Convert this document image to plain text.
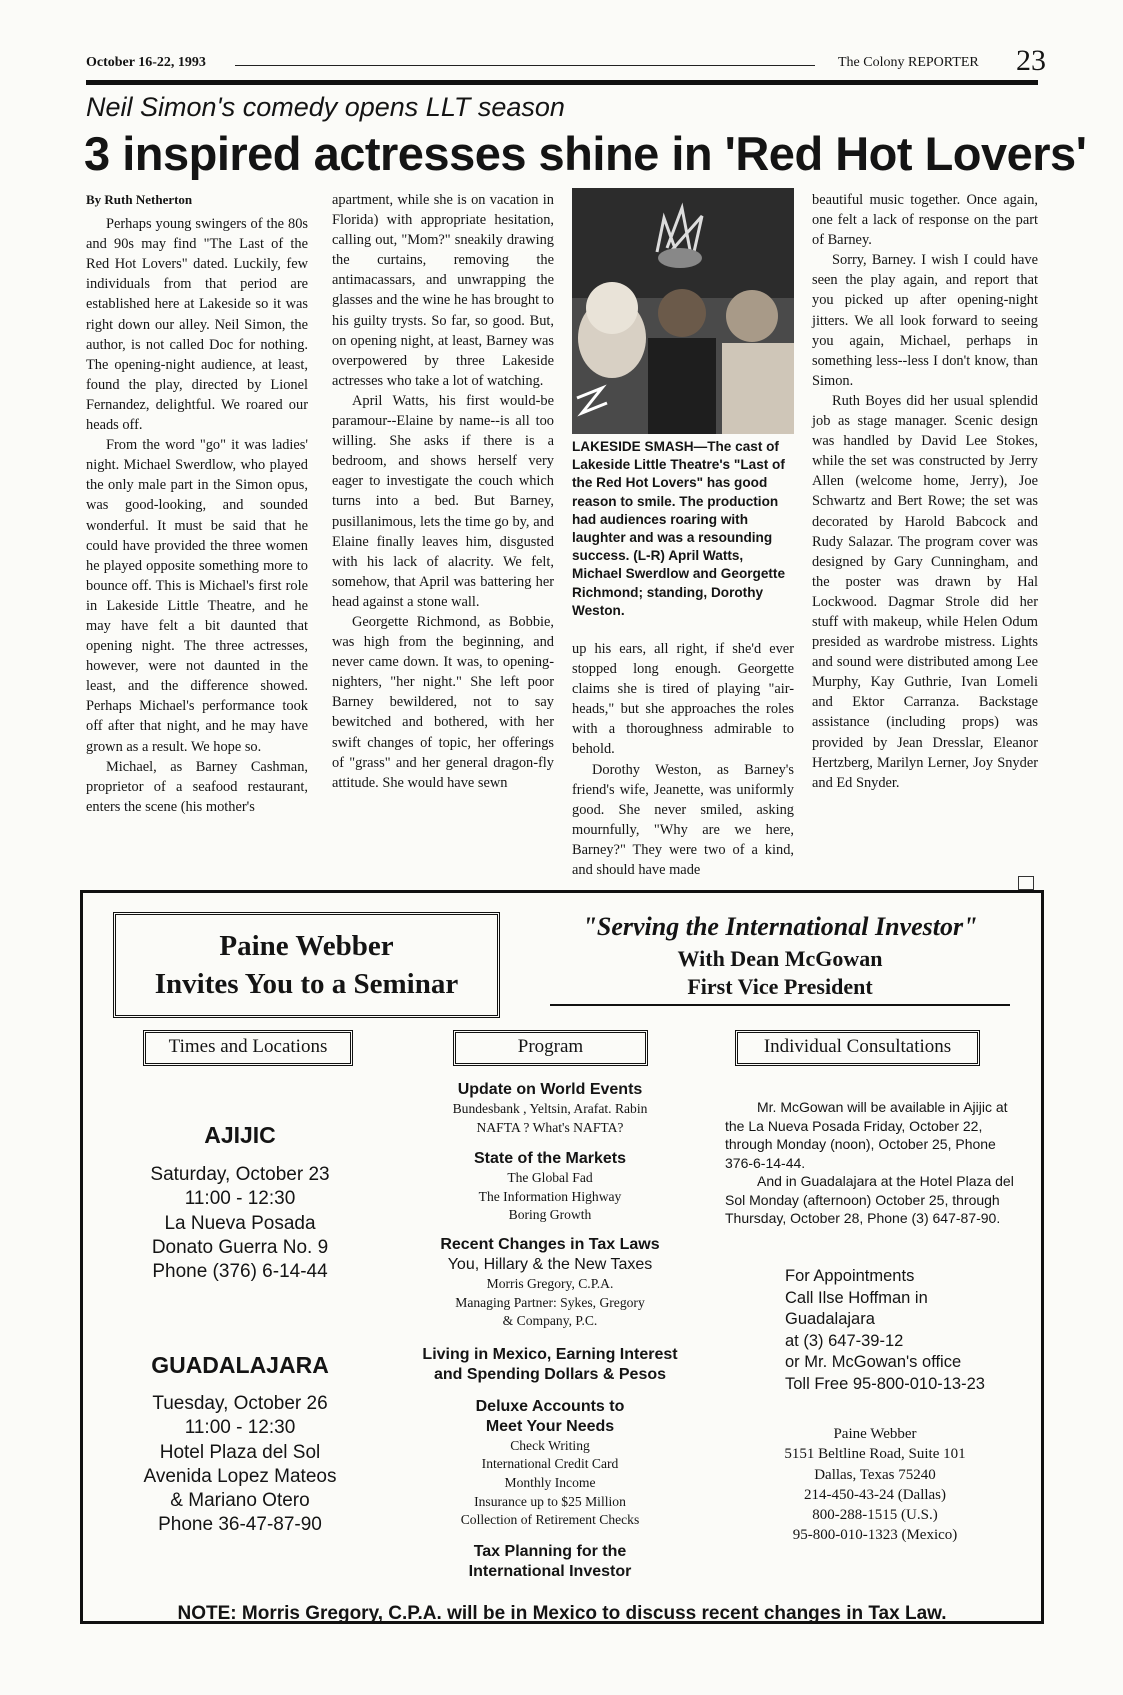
October 16-22, 1993	The Colony REPORTER 23
Neil Simon's comedy opens LLT season
3 inspired actresses shine in 'Red Hot Lovers'

By Ruth Netherton

Perhaps young swingers of the 80s and 90s may find "The Last of the Red Hot Lovers" dated. Luckily, few individuals from that period are established here at Lakeside so it was right down our alley. Neil Simon, the author, is not called Doc for nothing. The opening-night audience, at least, found the play, directed by Lionel Fernandez, delightful. We roared our heads off.

From the word "go" it was ladies' night. Michael Swerdlow, who played the only male part in the Simon opus, was good-looking, and sounded wonderful. It must be said that he could have provided the three women he played opposite something more to bounce off. This is Michael's first role in Lakeside Little Theatre, and he may have felt a bit daunted that opening night. The three actresses, however, were not daunted in the least, and the difference showed. Perhaps Michael's performance took off after that night, and he may have grown as a result. We hope so.

Michael, as Barney Cashman, proprietor of a seafood restaurant, enters the scene (his mother's

apartment, while she is on vacation in Florida) with appropriate hesitation, calling out, "Mom?" sneakily drawing the curtains, removing the antimacassars, and unwrapping the glasses and the wine he has brought to his guilty trysts. So far, so good. But, on opening night, at least, Barney was overpowered by three Lakeside actresses who take a lot of watching.

April Watts, his first would-be paramour--Elaine by name--is all too willing. She asks if there is a bedroom, and shows herself very eager to investigate the couch which turns into a bed. But Barney, pusillanimous, lets the time go by, and Elaine finally leaves him, disgusted with his lack of alacrity. We felt, somehow, that April was battering her head against a stone wall.

Georgette Richmond, as Bobbie, was high from the beginning, and never came down. It was, to opening-nighters, "her night." She left poor Barney bewildered, not to say bewitched and bothered, with her swift changes of topic, her offerings of "grass" and her general dragon-fly attitude. She would have sewn

LAKESIDE SMASH—The cast of Lakeside Little Theatre's "Last of the Red Hot Lovers" has good reason to smile. The production had audiences roaring with laughter and was a resounding success. (L-R) April Watts, Michael Swerdlow and Georgette Richmond; standing, Dorothy Weston.

up his ears, all right, if she'd ever stopped long enough. Georgette claims she is tired of playing "air-heads," but she approaches the roles with a thoroughness admirable to behold.

Dorothy Weston, as Barney's friend's wife, Jeanette, was uniformly good. She never smiled, asking mournfully, "Why are we here, Barney?" They were two of a kind, and should have made

beautiful music together. Once again, one felt a lack of response on the part of Barney.

Sorry, Barney. I wish I could have seen the play again, and report that you picked up after opening-night jitters. We all look forward to seeing you again, Michael, perhaps in something less--less I don't know, than Simon.

Ruth Boyes did her usual splendid job as stage manager. Scenic design was handled by David Lee Stokes, while the set was constructed by Jerry Allen (welcome home, Jerry), Joe Schwartz and Bert Rowe; the set was decorated by Harold Babcock and Rudy Salazar. The program cover was designed by Gary Cunningham, and the poster was drawn by Hal Lockwood. Dagmar Strole did her stuff with makeup, while Helen Odum presided as wardrobe mistress. Lights and sound were distributed among Lee Murphy, Kay Guthrie, Ivan Lomeli and Ektor Carranza. Backstage assistance (including props) was provided by Jean Dresslar, Eleanor Hertzberg, Marilyn Lerner, Joy Snyder and Ed Snyder.

Paine Webber
Invites You to a Seminar
"Serving the International Investor"
With Dean McGowan
First Vice President
Times and Locations	Program	Individual Consultations
AJIJIC
Saturday, October 23
11:00 - 12:30
La Nueva Posada
Donato Guerra No. 9
Phone (376) 6-14-44
GUADALAJARA
Tuesday, October 26
11:00 - 12:30
Hotel Plaza del Sol
Avenida Lopez Mateos
& Mariano Otero
Phone 36-47-87-90
Update on World Events
Bundesbank , Yeltsin, Arafat. Rabin
NAFTA ? What's NAFTA?
State of the Markets
The Global Fad
The Information Highway
Boring Growth
Recent Changes in Tax Laws
You, Hillary & the New Taxes
Morris Gregory, C.P.A.
Managing Partner: Sykes, Gregory
& Company, P.C.
Living in Mexico, Earning Interest
and Spending Dollars & Pesos
Deluxe Accounts to
Meet Your Needs
Check Writing
International Credit Card
Monthly Income
Insurance up to $25 Million
Collection of Retirement Checks
Tax Planning for the
International Investor
Mr. McGowan will be available in Ajijic at the La Nueva Posada Friday, October 22, through Monday (noon), October 25, Phone 376-6-14-44.
And in Guadalajara at the Hotel Plaza del Sol Monday (afternoon) October 25, through Thursday, October 28, Phone (3) 647-87-90.
For Appointments
Call Ilse Hoffman in
Guadalajara
at (3) 647-39-12
or Mr. McGowan's office
Toll Free 95-800-010-13-23
Paine Webber
5151 Beltline Road, Suite 101
Dallas, Texas 75240
214-450-43-24 (Dallas)
800-288-1515 (U.S.)
95-800-010-1323 (Mexico)
NOTE: Morris Gregory, C.P.A. will be in Mexico to discuss recent changes in Tax Law.
